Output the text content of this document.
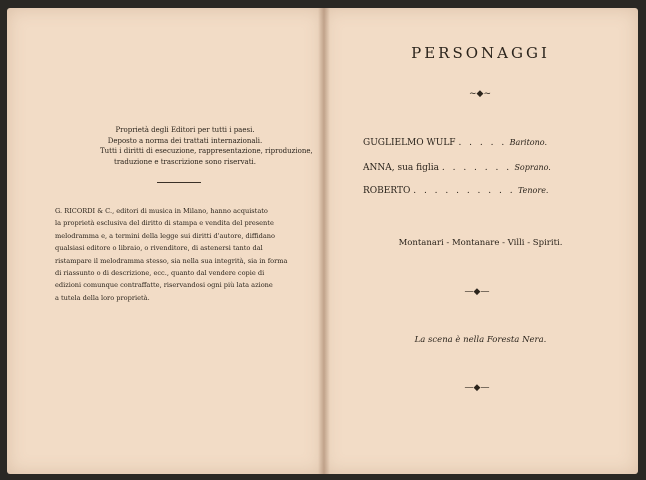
Proprietà degli Editori per tutti i paesi.
Deposto a norma dei trattati internazionali.
Tutti i diritti di esecuzione, rappresentazione, riproduzione,
traduzione e trascrizione sono riservati.
G. RICORDI & C., editori di musica in Milano, hanno acquistato
la proprietà esclusiva del diritto di stampa e vendita del presente
melodramma e, a termini della legge sui diritti d'autore, diffidano
qualsiasi editore o libraio, o rivenditore, di astenersi tanto dal
ristampare il melodramma stesso, sia nella sua integrità, sia in forma
di riassunto o di descrizione, ecc., quanto dal vendere copie di
edizioni comunque contraffatte, riservandosi ogni più lata azione
a tutela della loro proprietà.
PERSONAGGI
~◆~
GUGLIELMO WULF . . . . . Baritono.
ANNA, sua figlia . . . . . . . Soprano.
ROBERTO . . . . . . . . . . Tenore.
Montanari - Montanare - Villi - Spiriti.
—◆—
La scena è nella Foresta Nera.
—◆—
